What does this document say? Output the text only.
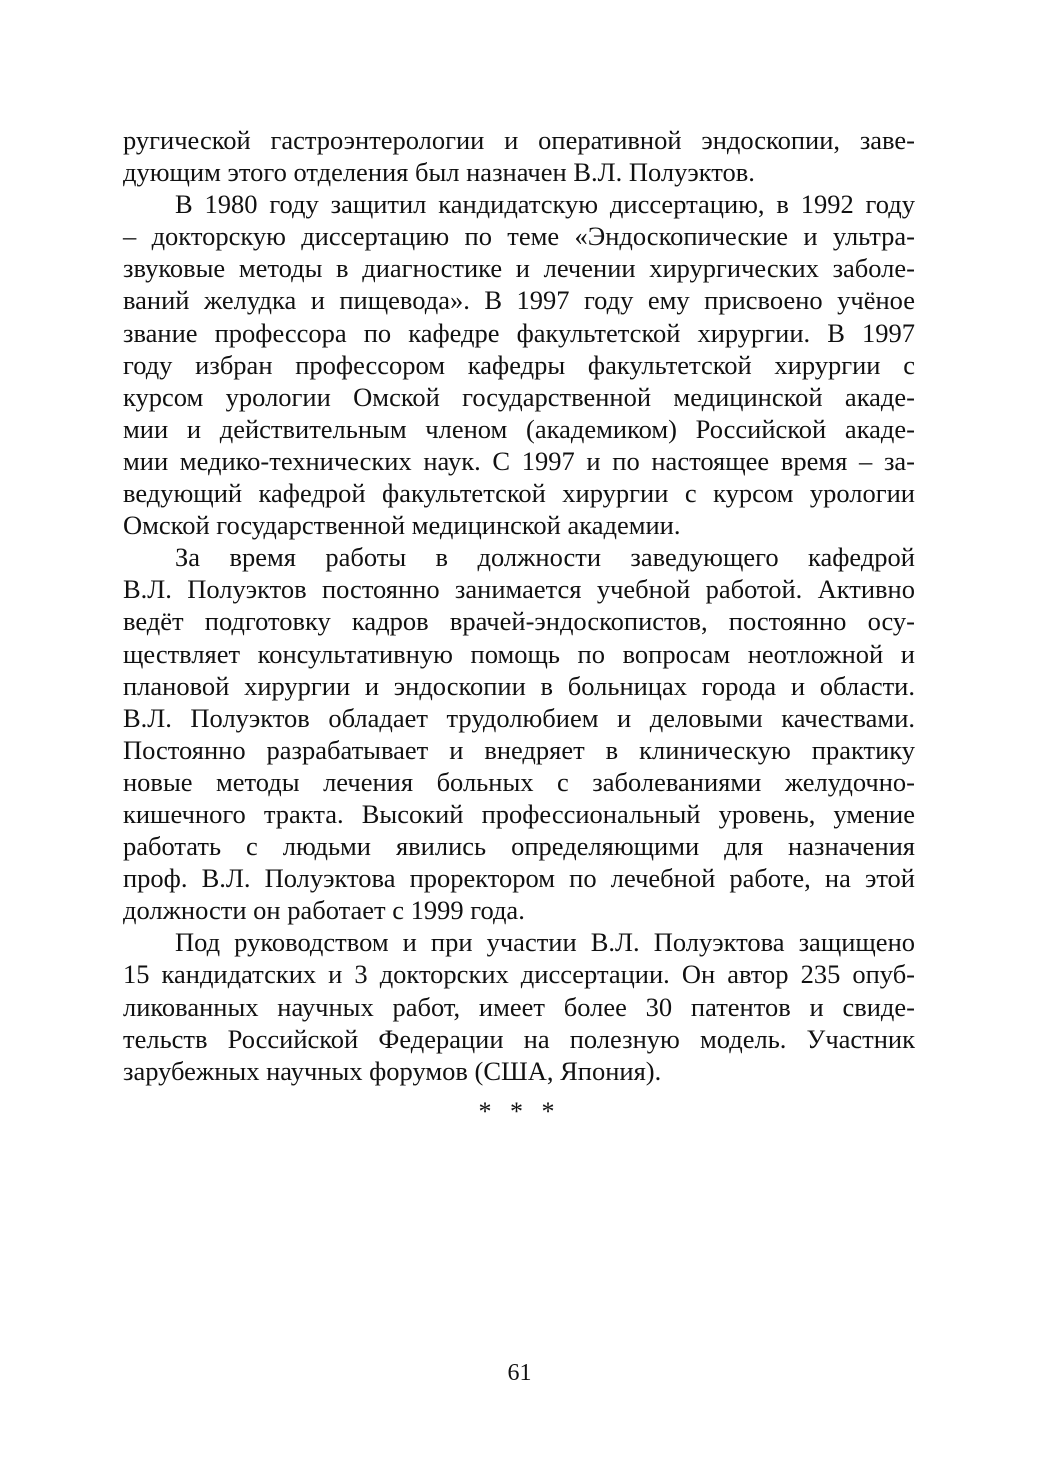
ругической гастроэнтерологии и оперативной эндоскопии, заве-
дующим этого отделения был назначен В.Л. Полуэктов.
В 1980 году защитил кандидатскую диссертацию, в 1992 году
– докторскую диссертацию по теме «Эндоскопические и ультра-
звуковые методы в диагностике и лечении хирургических заболе-
ваний желудка и пищевода». В 1997 году ему присвоено учёное
звание профессора по кафедре факультетской хирургии. В 1997
году избран профессором кафедры факультетской хирургии с
курсом урологии Омской государственной медицинской акаде-
мии и действительным членом (академиком) Российской акаде-
мии медико-технических наук. С 1997 и по настоящее время – за-
ведующий кафедрой факультетской хирургии с курсом урологии
Омской государственной медицинской академии.
За время работы в должности заведующего кафедрой
В.Л. Полуэктов постоянно занимается учебной работой. Активно
ведёт подготовку кадров врачей-эндоскопистов, постоянно осу-
ществляет консультативную помощь по вопросам неотложной и
плановой хирургии и эндоскопии в больницах города и области.
В.Л. Полуэктов обладает трудолюбием и деловыми качествами.
Постоянно разрабатывает и внедряет в клиническую практику
новые методы лечения больных с заболеваниями желудочно-
кишечного тракта. Высокий профессиональный уровень, умение
работать с людьми явились определяющими для назначения
проф. В.Л. Полуэктова проректором по лечебной работе, на этой
должности он работает с 1999 года.
Под руководством и при участии В.Л. Полуэктова защищено
15 кандидатских и 3 докторских диссертации. Он автор 235 опуб-
ликованных научных работ, имеет более 30 патентов и свиде-
тельств Российской Федерации на полезную модель. Участник
зарубежных научных форумов (США, Япония).
* * *
61
